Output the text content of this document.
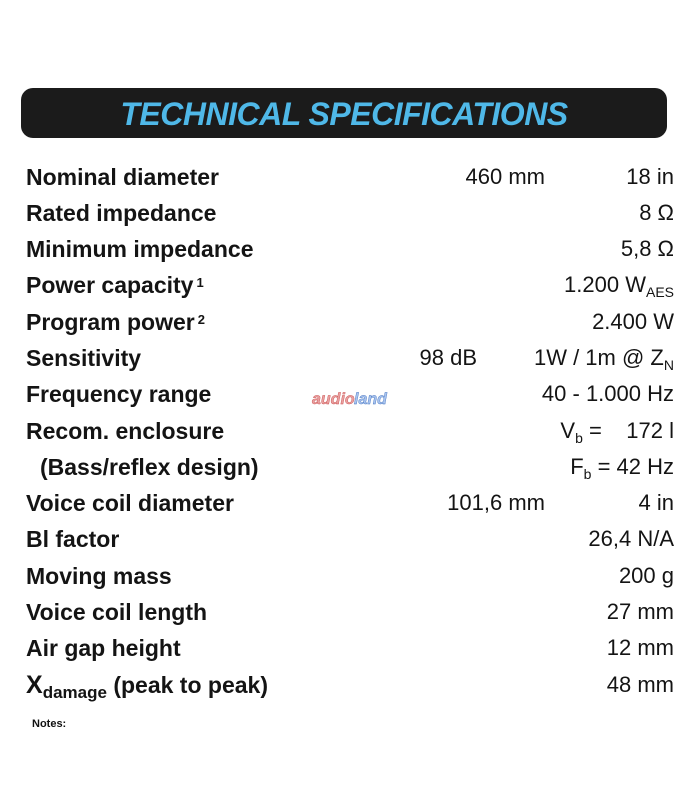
TECHNICAL SPECIFICATIONS
Nominal diameter	460 mm	18 in
Rated impedance	8 Ω
Minimum impedance	5,8 Ω
Power capacity $^1$	1.200 $W_{AES}$
Program power $^2$	2.400 W
Sensitivity	98 dB	1W / 1m @ $Z_N$
Frequency range	40 - 1.000 Hz
audio land
Recom. enclosure	$V_b$ =    172 l
(Bass/reflex design)	$F_b = 42$ Hz
Voice coil diameter	101,6 mm	4 in
Bl factor	26,4 N/A
Moving mass	200 g
Voice coil length	27 mm
Air gap height	12 mm
$X_{damage}$ (peak to peak)	48 mm
Notes:
